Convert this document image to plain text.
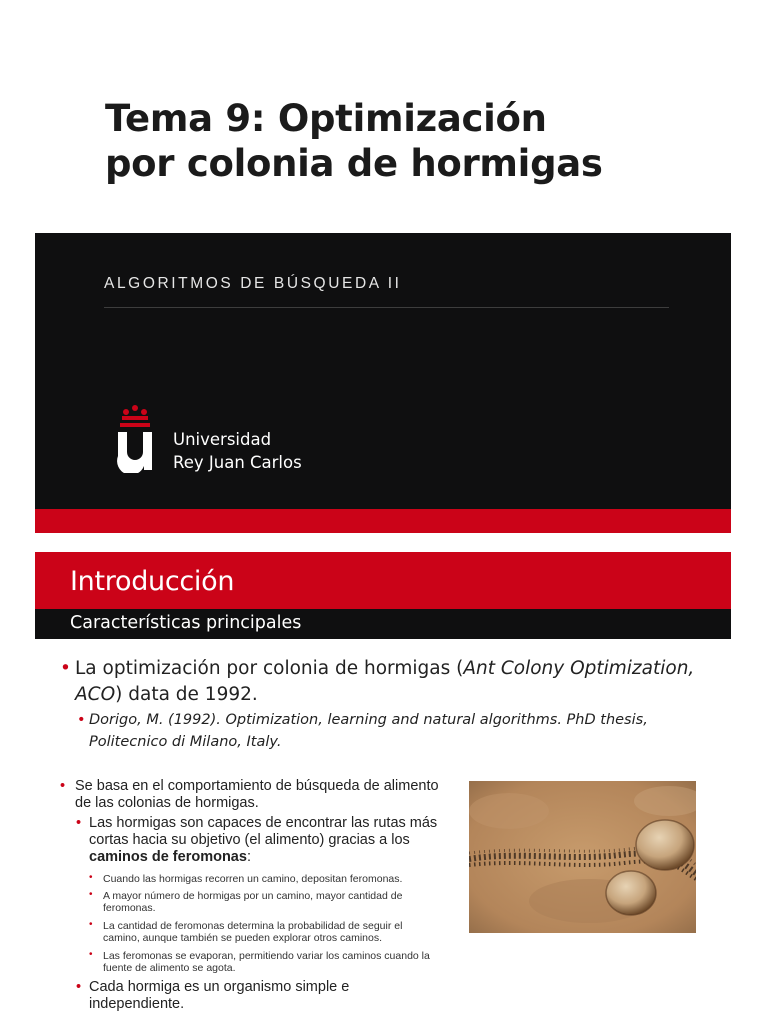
Tema 9: Optimización
por colonia de hormigas
ALGORITMOS DE BÚSQUEDA II
Universidad
Rey Juan Carlos
Introducción
Características principales
• La optimización por colonia de hormigas (Ant Colony Optimization, ACO) data de 1992.
• Dorigo, M. (1992). Optimization, learning and natural algorithms. PhD thesis, Politecnico di Milano, Italy.
• Se basa en el comportamiento de búsqueda de alimento de las colonias de hormigas.
• Las hormigas son capaces de encontrar las rutas más cortas hacia su objetivo (el alimento) gracias a los caminos de feromonas:
• Cuando las hormigas recorren un camino, depositan feromonas.
• A mayor número de hormigas por un camino, mayor cantidad de feromonas.
• La cantidad de feromonas determina la probabilidad de seguir el camino, aunque también se pueden explorar otros caminos.
• Las feromonas se evaporan, permitiendo variar los caminos cuando la fuente de alimento se agota.
• Cada hormiga es un organismo simple e independiente.
